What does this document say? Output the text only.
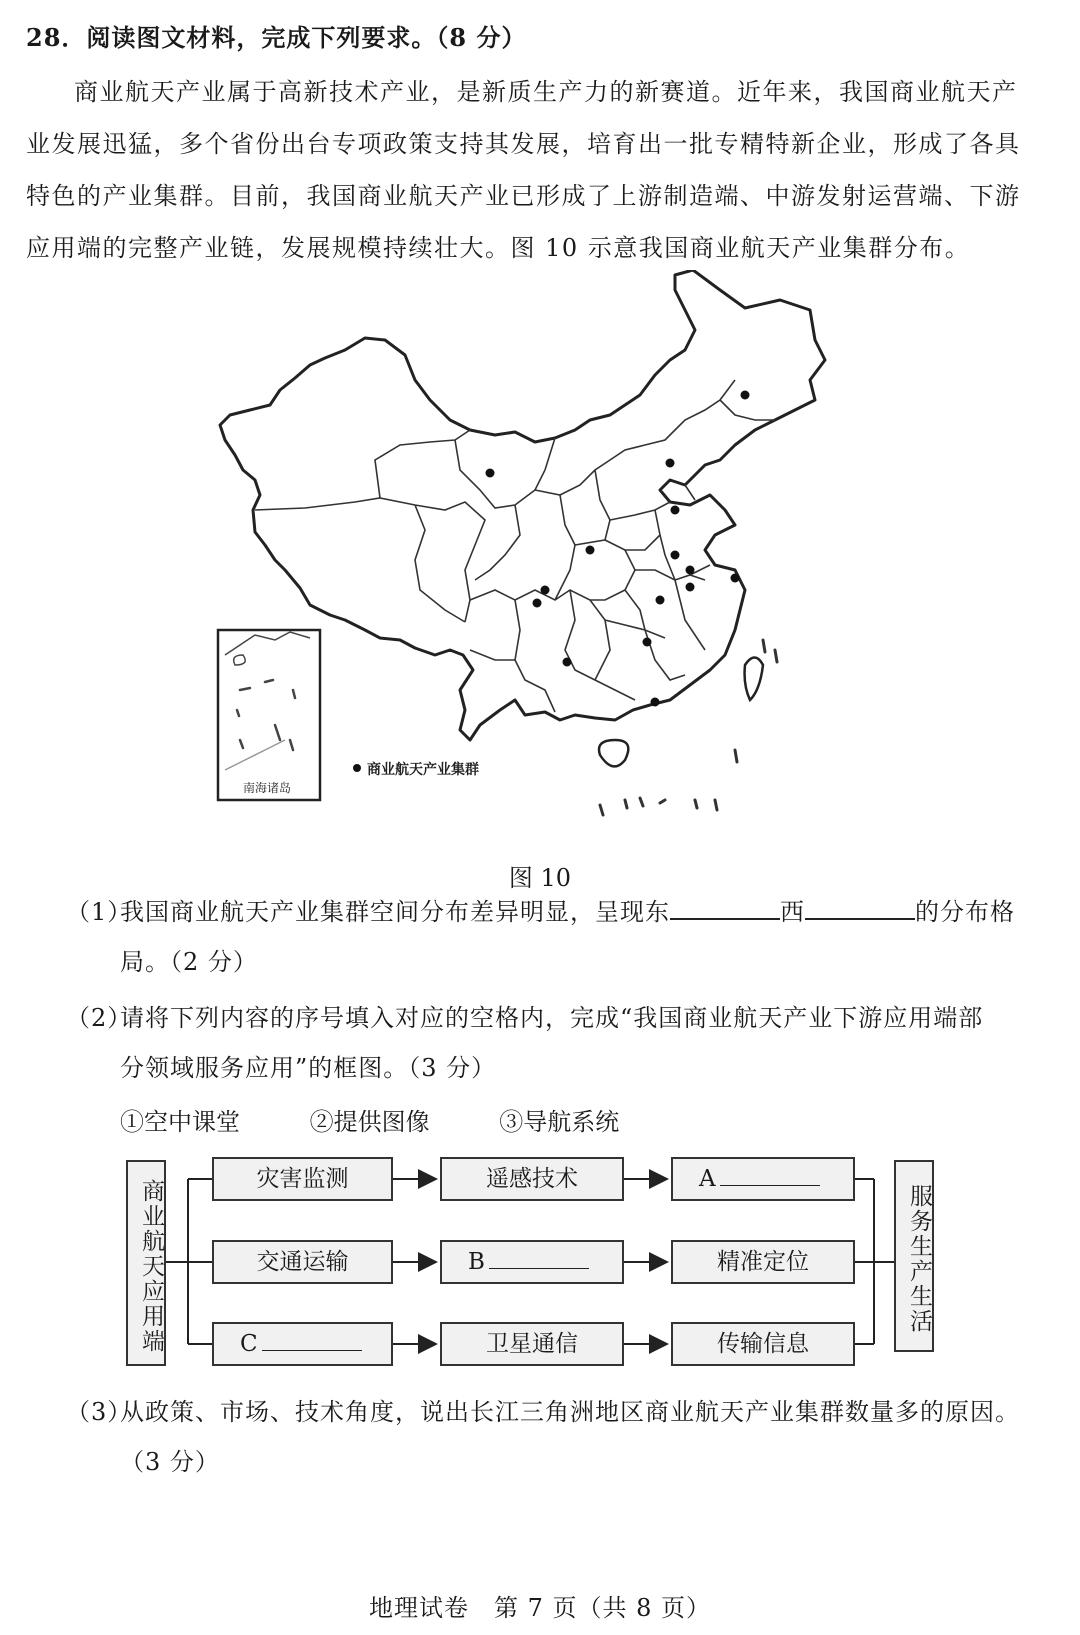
28．阅读图文材料，完成下列要求。（8 分）
商业航天产业属于高新技术产业，是新质生产力的新赛道。近年来，我国商业航天产
业发展迅猛，多个省份出台专项政策支持其发展，培育出一批专精特新企业，形成了各具
特色的产业集群。目前，我国商业航天产业已形成了上游制造端、中游发射运营端、下游
应用端的完整产业链，发展规模持续壮大。图 10 示意我国商业航天产业集群分布。
南海诸岛
商业航天产业集群
图 10
（1）
我国商业航天产业集群空间分布差异明显，呈现东	西	的分布格
局。（2 分）
（2）
请将下列内容的序号填入对应的空格内，完成“我国商业航天产业下游应用端部
分领域服务应用”的框图。（3 分）
①空中课堂	②提供图像	③导航系统
商业航天应用端	服务生产生活
灾害监测	遥感技术	A
交通运输	B	精准定位
C	卫星通信	传输信息
（3）
从政策、市场、技术角度，说出长江三角洲地区商业航天产业集群数量多的原因。
（3 分）
地理试卷　第 7 页（共 8 页）
